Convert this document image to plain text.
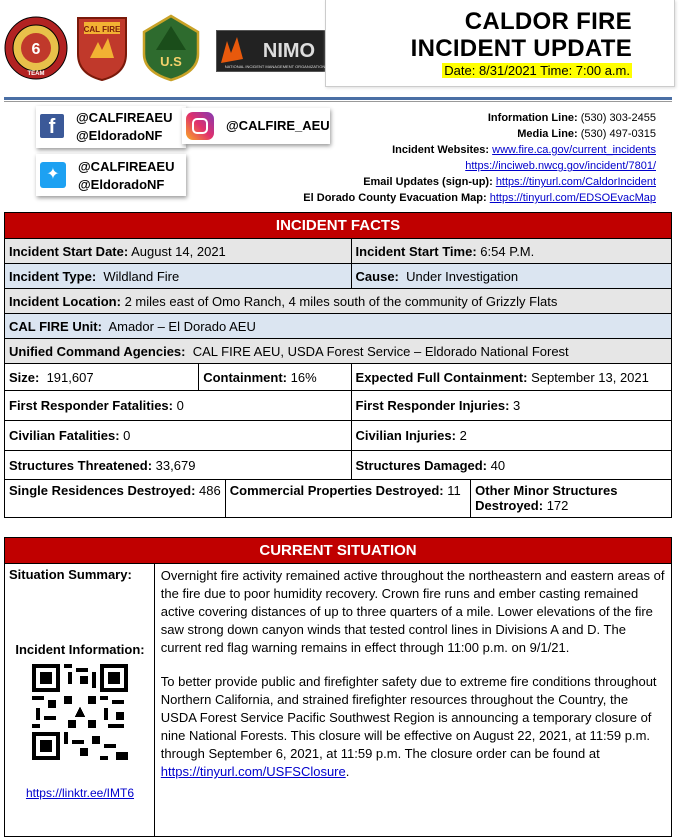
6
TEAM
CAL FIRE
U.S	NIMO
NATIONAL INCIDENT MANAGEMENT ORGANIZATION
CALDOR FIRE
INCIDENT UPDATE
Date: 8/31/2021 Time: 7:00 a.m.
f	@CALFIREAEU
@EldoradoNF
@CALFIRE_AEU
✦	@CALFIREAEU
@EldoradoNF
Information Line: (530) 303-2455
Media Line: (530) 497-0315
Incident Websites: www.fire.ca.gov/current_incidents
https://inciweb.nwcg.gov/incident/7801/
Email Updates (sign-up): https://tinyurl.com/CaldorIncident
El Dorado County Evacuation Map: https://tinyurl.com/EDSOEvacMap
INCIDENT FACTS				
Incident Start Date: August 14, 2021			Incident Start Time: 6:54 P.M.	
Incident Type: Wildland Fire			Cause: Under Investigation	
Incident Location: 2 miles east of Omo Ranch, 4 miles south of the community of Grizzly Flats				
CAL FIRE Unit: Amador – El Dorado AEU				
Unified Command Agencies: CAL FIRE AEU, USDA Forest Service – Eldorado National Forest				
Size: 191,607	Containment: 16%		Expected Full Containment: September 13, 2021	
First Responder Fatalities: 0			First Responder Injuries: 3	
Civilian Fatalities: 0			Civilian Injuries: 2	
Structures Threatened: 33,679			Structures Damaged: 40	
Single Residences Destroyed: 486		Commercial Properties Destroyed: 11		Other Minor Structures Destroyed: 172
CURRENT SITUATION

Situation Summary:
Incident Information:
https://linktr.ee/IMT6

Overnight fire activity remained active throughout the northeastern and eastern areas of the fire due to poor humidity recovery. Crown fire runs and ember casting remained active covering distances of up to three quarters of a mile. Lower elevations of the fire saw strong down canyon winds that tested control lines in Divisions A and D. The current red flag warning remains in effect through 11:00 p.m. on 9/1/21.
To better provide public and firefighter safety due to extreme fire conditions throughout Northern California, and strained firefighter resources throughout the Country, the USDA Forest Service Pacific Southwest Region is announcing a temporary closure of nine National Forests. This closure will be effective on August 22, 2021, at 11:59 p.m. through September 6, 2021, at 11:59 p.m. The closure order can be found at https://tinyurl.com/USFSClosure.
